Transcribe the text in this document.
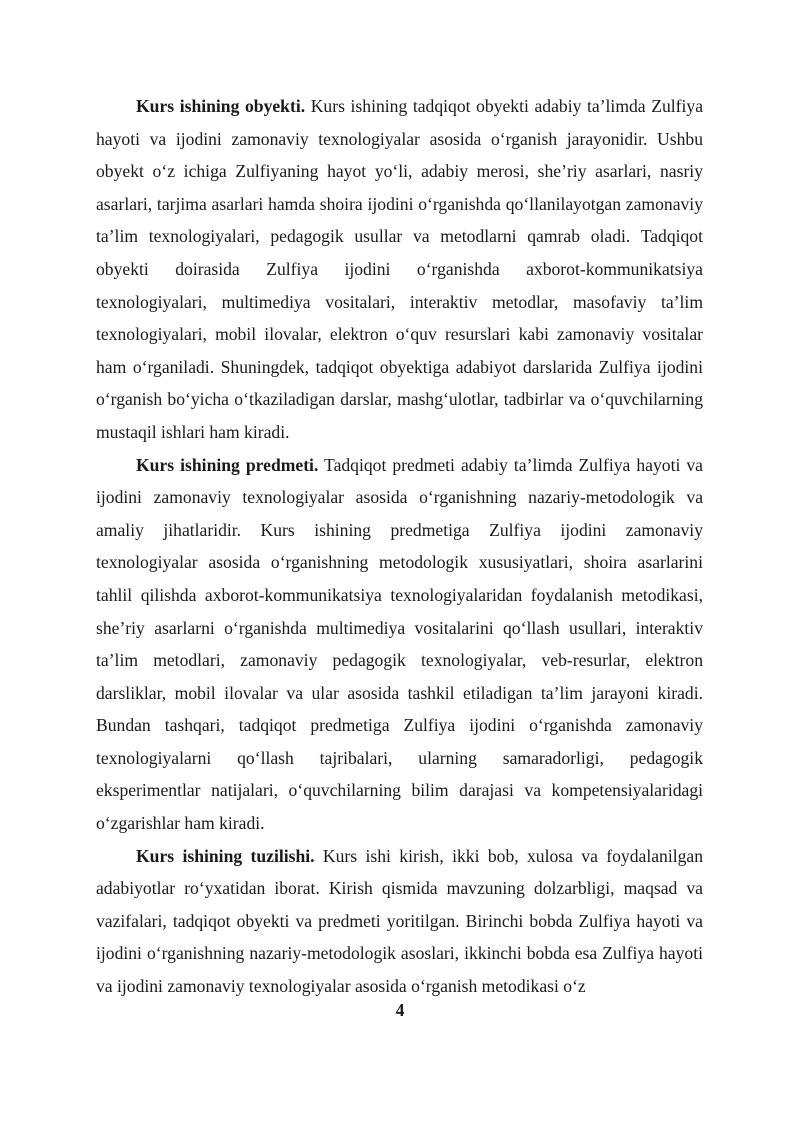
Kurs ishining obyekti. Kurs ishining tadqiqot obyekti adabiy ta’limda Zulfiya hayoti va ijodini zamonaviy texnologiyalar asosida o‘rganish jarayonidir. Ushbu obyekt o‘z ichiga Zulfiyaning hayot yo‘li, adabiy merosi, she’riy asarlari, nasriy asarlari, tarjima asarlari hamda shoira ijodini o‘rganishda qo‘llanilayotgan zamonaviy ta’lim texnologiyalari, pedagogik usullar va metodlarni qamrab oladi. Tadqiqot obyekti doirasida Zulfiya ijodini o‘rganishda axborot-kommunikatsiya texnologiyalari, multimediya vositalari, interaktiv metodlar, masofaviy ta’lim texnologiyalari, mobil ilovalar, elektron o‘quv resurslari kabi zamonaviy vositalar ham o‘rganiladi. Shuningdek, tadqiqot obyektiga adabiyot darslarida Zulfiya ijodini o‘rganish bo‘yicha o‘tkaziladigan darslar, mashg‘ulotlar, tadbirlar va o‘quvchilarning mustaqil ishlari ham kiradi.

Kurs ishining predmeti. Tadqiqot predmeti adabiy ta’limda Zulfiya hayoti va ijodini zamonaviy texnologiyalar asosida o‘rganishning nazariy-metodologik va amaliy jihatlaridir. Kurs ishining predmetiga Zulfiya ijodini zamonaviy texnologiyalar asosida o‘rganishning metodologik xususiyatlari, shoira asarlarini tahlil qilishda axborot-kommunikatsiya texnologiyalaridan foydalanish metodikasi, she’riy asarlarni o‘rganishda multimediya vositalarini qo‘llash usullari, interaktiv ta’lim metodlari, zamonaviy pedagogik texnologiyalar, veb-resurlar, elektron darsliklar, mobil ilovalar va ular asosida tashkil etiladigan ta’lim jarayoni kiradi. Bundan tashqari, tadqiqot predmetiga Zulfiya ijodini o‘rganishda zamonaviy texnologiyalarni qo‘llash tajribalari, ularning samaradorligi, pedagogik eksperimentlar natijalari, o‘quvchilarning bilim darajasi va kompetensiyalaridagi o‘zgarishlar ham kiradi.

Kurs ishining tuzilishi. Kurs ishi kirish, ikki bob, xulosa va foydalanilgan adabiyotlar ro‘yxatidan iborat. Kirish qismida mavzuning dolzarbligi, maqsad va vazifalari, tadqiqot obyekti va predmeti yoritilgan. Birinchi bobda Zulfiya hayoti va ijodini o‘rganishning nazariy-metodologik asoslari, ikkinchi bobda esa Zulfiya hayoti va ijodini zamonaviy texnologiyalar asosida o‘rganish metodikasi o‘z

4
